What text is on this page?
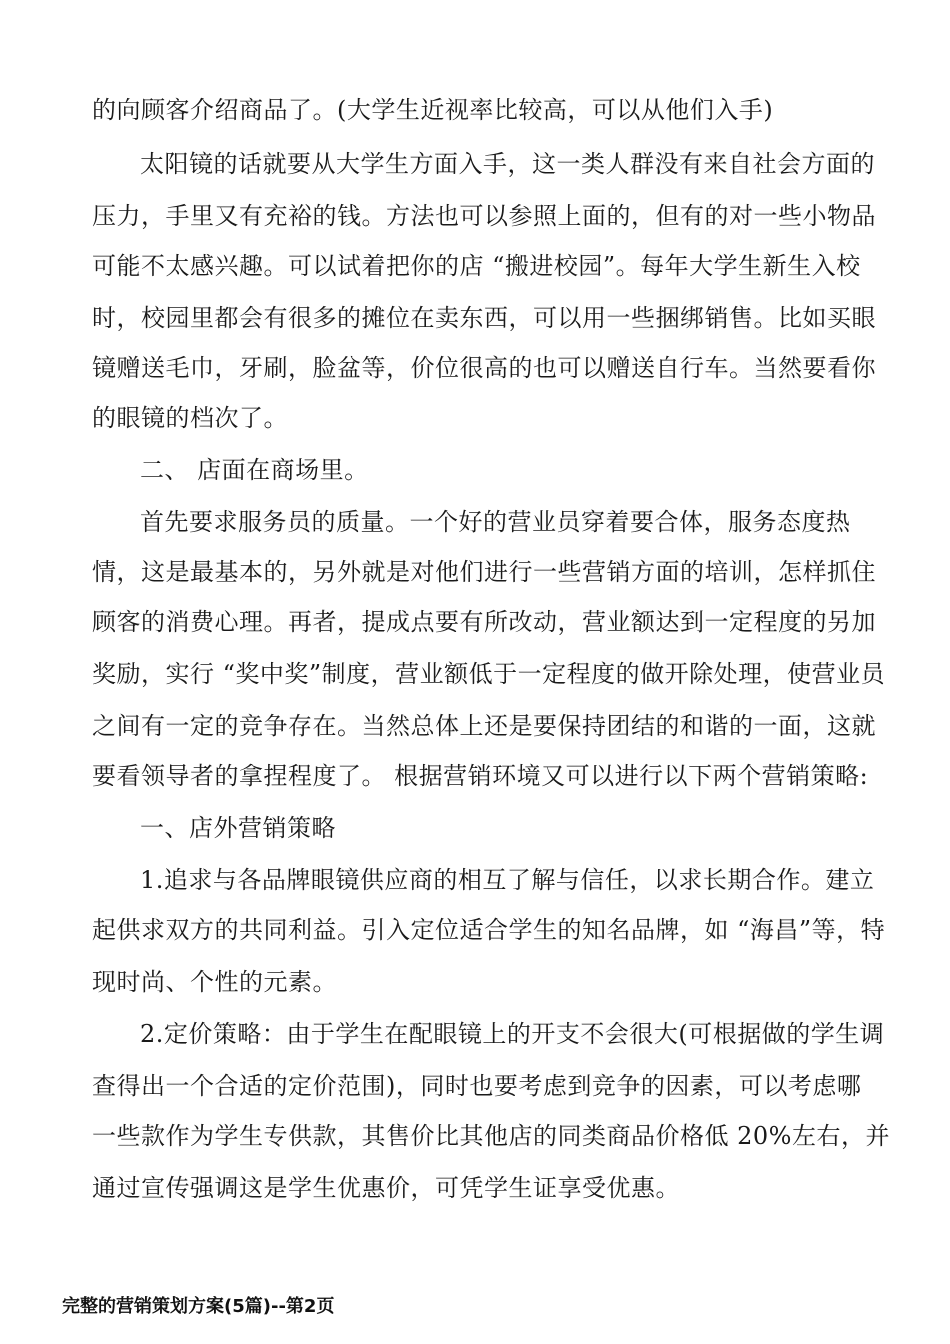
的向顾客介绍商品了。(大学生近视率比较高，可以从他们入手)
太阳镜的话就要从大学生方面入手，这一类人群没有来自社会方面的
压力，手里又有充裕的钱。方法也可以参照上面的，但有的对一些小物品
可能不太感兴趣。可以试着把你的店 “搬进校园”。每年大学生新生入校
时，校园里都会有很多的摊位在卖东西，可以用一些捆绑销售。比如买眼
镜赠送毛巾，牙刷，脸盆等，价位很高的也可以赠送自行车。当然要看你
的眼镜的档次了。
二、 店面在商场里。
首先要求服务员的质量。一个好的营业员穿着要合体，服务态度热
情，这是最基本的，另外就是对他们进行一些营销方面的培训，怎样抓住
顾客的消费心理。再者，提成点要有所改动，营业额达到一定程度的另加
奖励，实行 “奖中奖”制度，营业额低于一定程度的做开除处理，使营业员
之间有一定的竞争存在。当然总体上还是要保持团结的和谐的一面，这就
要看领导者的拿捏程度了。 根据营销环境又可以进行以下两个营销策略:
一、店外营销策略
1.追求与各品牌眼镜供应商的相互了解与信任，以求长期合作。建立
起供求双方的共同利益。引入定位适合学生的知名品牌，如 “海昌”等，特
现时尚、个性的元素。
2.定价策略：由于学生在配眼镜上的开支不会很大(可根据做的学生调
查得出一个合适的定价范围)，同时也要考虑到竞争的因素，可以考虑哪
一些款作为学生专供款，其售价比其他店的同类商品价格低 20%左右，并
通过宣传强调这是学生优惠价，可凭学生证享受优惠。
完整的营销策划方案(5篇)--第2页
